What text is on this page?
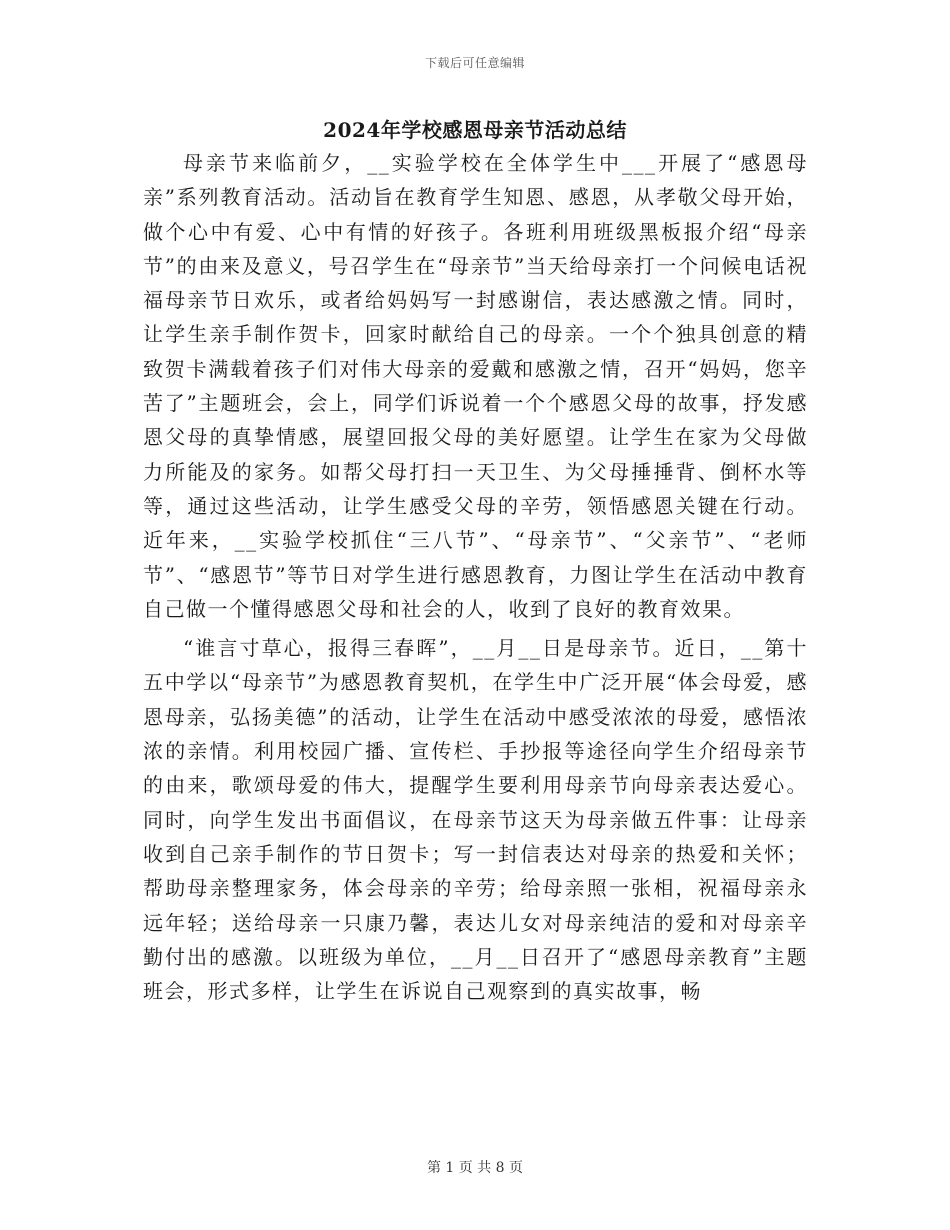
下载后可任意编辑
2024年学校感恩母亲节活动总结

母亲节来临前夕，__实验学校在全体学生中___开展了“感恩母亲”系列教育活动。活动旨在教育学生知恩、感恩，从孝敬父母开始，做个心中有爱、心中有情的好孩子。各班利用班级黑板报介绍“母亲节”的由来及意义，号召学生在“母亲节”当天给母亲打一个问候电话祝福母亲节日欢乐，或者给妈妈写一封感谢信，表达感激之情。同时，让学生亲手制作贺卡，回家时献给自己的母亲。一个个独具创意的精致贺卡满载着孩子们对伟大母亲的爱戴和感激之情，召开“妈妈，您辛苦了”主题班会，会上，同学们诉说着一个个感恩父母的故事，抒发感恩父母的真挚情感，展望回报父母的美好愿望。让学生在家为父母做力所能及的家务。如帮父母打扫一天卫生、为父母捶捶背、倒杯水等等，通过这些活动，让学生感受父母的辛劳，领悟感恩关键在行动。近年来，__实验学校抓住“三八节”、“母亲节”、“父亲节”、“老师节”、“感恩节”等节日对学生进行感恩教育，力图让学生在活动中教育自己做一个懂得感恩父母和社会的人，收到了良好的教育效果。

“谁言寸草心，报得三春晖”，__月__日是母亲节。近日，__第十五中学以“母亲节”为感恩教育契机，在学生中广泛开展“体会母爱，感恩母亲，弘扬美德”的活动，让学生在活动中感受浓浓的母爱，感悟浓浓的亲情。利用校园广播、宣传栏、手抄报等途径向学生介绍母亲节的由来，歌颂母爱的伟大，提醒学生要利用母亲节向母亲表达爱心。同时，向学生发出书面倡议，在母亲节这天为母亲做五件事：让母亲收到自己亲手制作的节日贺卡；写一封信表达对母亲的热爱和关怀；帮助母亲整理家务，体会母亲的辛劳；给母亲照一张相，祝福母亲永远年轻；送给母亲一只康乃馨，表达儿女对母亲纯洁的爱和对母亲辛勤付出的感激。以班级为单位，__月__日召开了“感恩母亲教育”主题班会，形式多样，让学生在诉说自己观察到的真实故事，畅

第 1 页 共 8 页
